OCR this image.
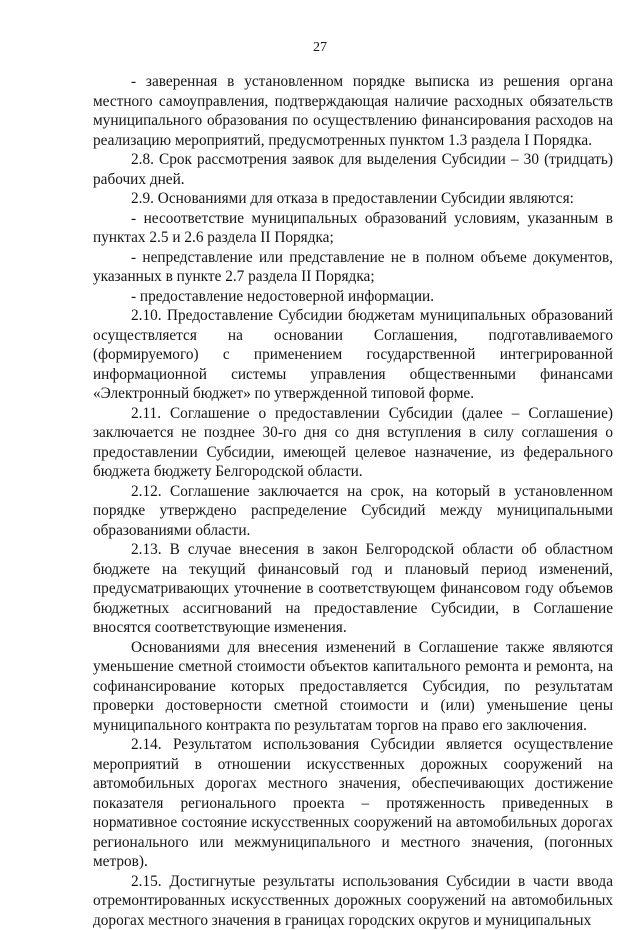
27

- заверенная в установленном порядке выписка из решения органа местного самоуправления, подтверждающая наличие расходных обязательств муниципального образования по осуществлению финансирования расходов на реализацию мероприятий, предусмотренных пунктом 1.3 раздела I Порядка.

2.8. Срок рассмотрения заявок для выделения Субсидии – 30 (тридцать) рабочих дней.

2.9. Основаниями для отказа в предоставлении Субсидии являются:

- несоответствие муниципальных образований условиям, указанным в пунктах 2.5 и 2.6 раздела II Порядка;

- непредставление или представление не в полном объеме документов, указанных в пункте 2.7 раздела II Порядка;

- предоставление недостоверной информации.

2.10. Предоставление Субсидии бюджетам муниципальных образований осуществляется на основании Соглашения, подготавливаемого (формируемого) с применением государственной интегрированной информационной системы управления общественными финансами «Электронный бюджет» по утвержденной типовой форме.

2.11. Соглашение о предоставлении Субсидии (далее – Соглашение) заключается не позднее 30-го дня со дня вступления в силу соглашения о предоставлении Субсидии, имеющей целевое назначение, из федерального бюджета бюджету Белгородской области.

2.12. Соглашение заключается на срок, на который в установленном порядке утверждено распределение Субсидий между муниципальными образованиями области.

2.13. В случае внесения в закон Белгородской области об областном бюджете на текущий финансовый год и плановый период изменений, предусматривающих уточнение в соответствующем финансовом году объемов бюджетных ассигнований на предоставление Субсидии, в Соглашение вносятся соответствующие изменения.

Основаниями для внесения изменений в Соглашение также являются уменьшение сметной стоимости объектов капитального ремонта и ремонта, на софинансирование которых предоставляется Субсидия, по результатам проверки достоверности сметной стоимости и (или) уменьшение цены муниципального контракта по результатам торгов на право его заключения.

2.14. Результатом использования Субсидии является осуществление мероприятий в отношении искусственных дорожных сооружений на автомобильных дорогах местного значения, обеспечивающих достижение показателя регионального проекта – протяженность приведенных в нормативное состояние искусственных сооружений на автомобильных дорогах регионального или межмуниципального и местного значения, (погонных метров).

2.15. Достигнутые результаты использования Субсидии в части ввода отремонтированных искусственных дорожных сооружений на автомобильных дорогах местного значения в границах городских округов и муниципальных
